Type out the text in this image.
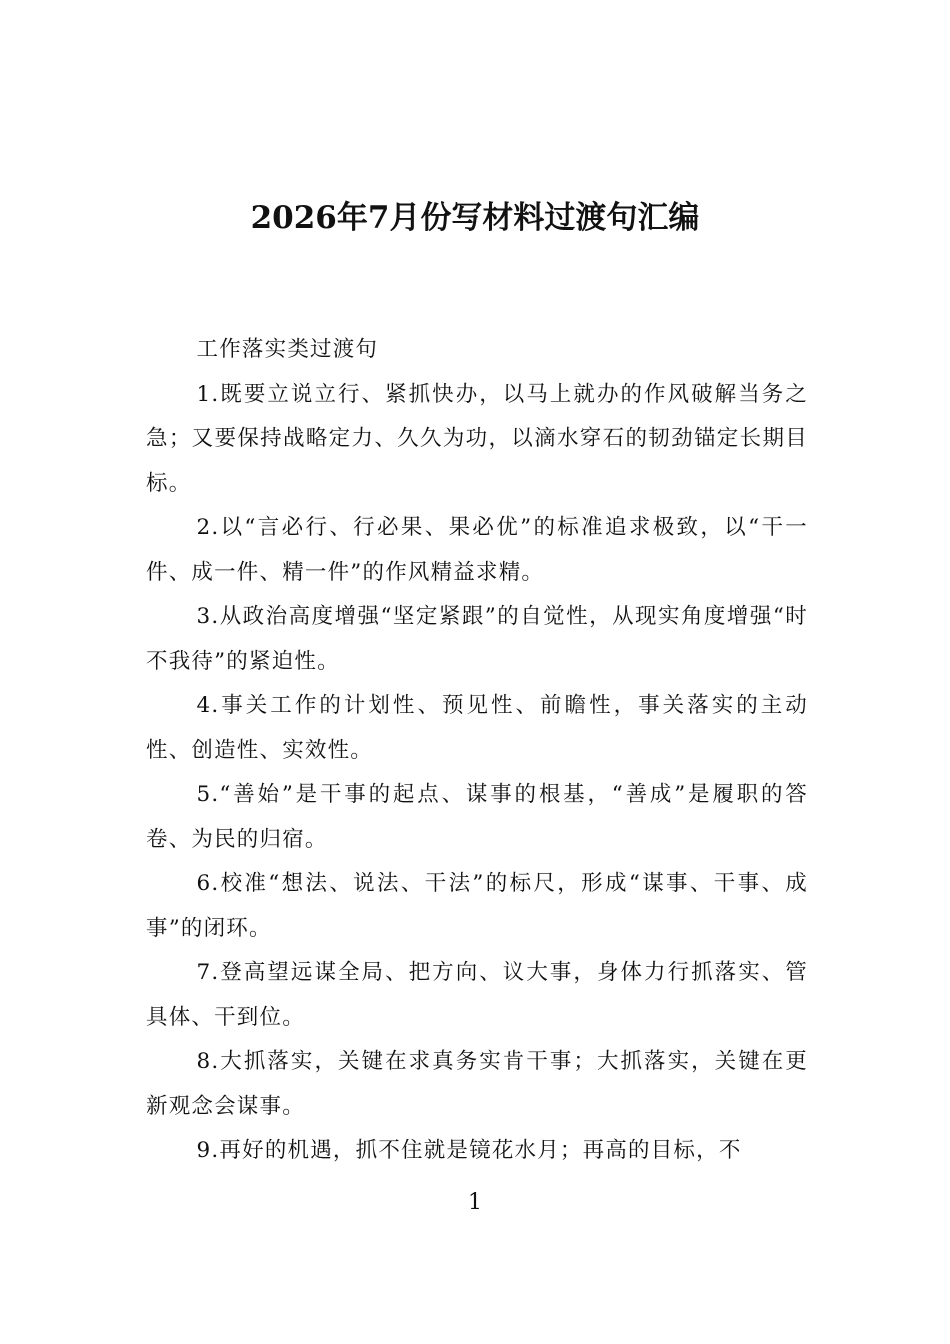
2026年7月份写材料过渡句汇编

工作落实类过渡句

1.既要立说立行、紧抓快办，以马上就办的作风破解当务之急；又要保持战略定力、久久为功，以滴水穿石的韧劲锚定长期目标。

2.以“言必行、行必果、果必优”的标准追求极致，以“干一件、成一件、精一件”的作风精益求精。

3.从政治高度增强“坚定紧跟”的自觉性，从现实角度增强“时不我待”的紧迫性。

4.事关工作的计划性、预见性、前瞻性，事关落实的主动性、创造性、实效性。

5.“善始”是干事的起点、谋事的根基，“善成”是履职的答卷、为民的归宿。

6.校准“想法、说法、干法”的标尺，形成“谋事、干事、成事”的闭环。

7.登高望远谋全局、把方向、议大事，身体力行抓落实、管具体、干到位。

8.大抓落实，关键在求真务实肯干事；大抓落实，关键在更新观念会谋事。

9.再好的机遇，抓不住就是镜花水月；再高的目标，不

1
